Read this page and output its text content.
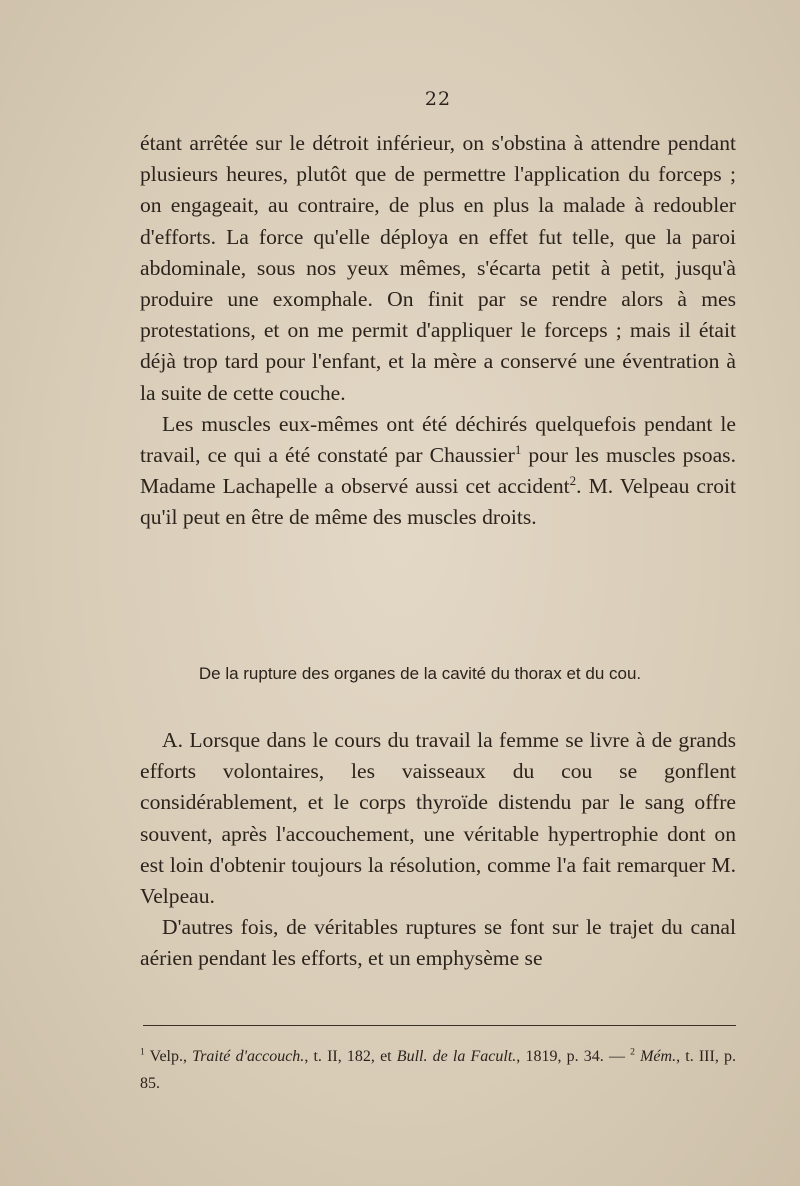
22

étant arrêtée sur le détroit inférieur, on s'obstina à attendre pendant plusieurs heures, plutôt que de permettre l'application du forceps ; on engageait, au contraire, de plus en plus la malade à redoubler d'efforts. La force qu'elle déploya en effet fut telle, que la paroi abdominale, sous nos yeux mêmes, s'écarta petit à petit, jusqu'à produire une exomphale. On finit par se rendre alors à mes protestations, et on me permit d'appliquer le forceps ; mais il était déjà trop tard pour l'enfant, et la mère a conservé une éventration à la suite de cette couche.

Les muscles eux-mêmes ont été déchirés quelquefois pendant le travail, ce qui a été constaté par Chaussier$^1$ pour les muscles psoas. Madame Lachapelle a observé aussi cet accident$^2$. M. Velpeau croit qu'il peut en être de même des muscles droits.

De la rupture des organes de la cavité du thorax et du cou.

A. Lorsque dans le cours du travail la femme se livre à de grands efforts volontaires, les vaisseaux du cou se gonflent considérablement, et le corps thyroïde distendu par le sang offre souvent, après l'accouchement, une véritable hypertrophie dont on est loin d'obtenir toujours la résolution, comme l'a fait remarquer M. Velpeau.

D'autres fois, de véritables ruptures se font sur le trajet du canal aérien pendant les efforts, et un emphysème se

$^1$ Velp., Traité d'accouch., t. II, 182, et Bull. de la Facult., 1819, p. 34. — $^2$ Mém., t. III, p. 85.
